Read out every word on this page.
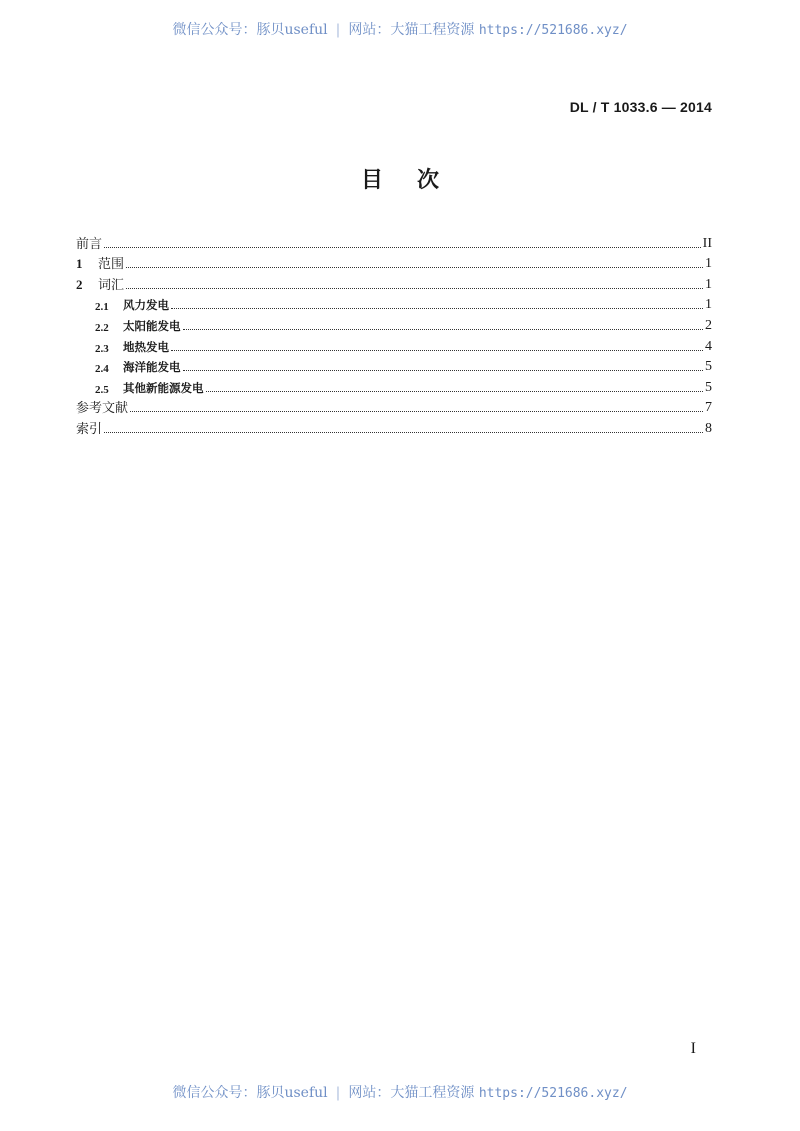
微信公众号：豚贝useful | 网站：大猫工程资源 https://521686.xyz/
DL / T 1033.6 — 2014
目 次
前言	II
1	范围	1
2	词汇	1
2.1	风力发电	1
2.2	太阳能发电	2
2.3	地热发电	4
2.4	海洋能发电	5
2.5	其他新能源发电	5
参考文献	7
索引	8
I
微信公众号：豚贝useful | 网站：大猫工程资源 https://521686.xyz/
